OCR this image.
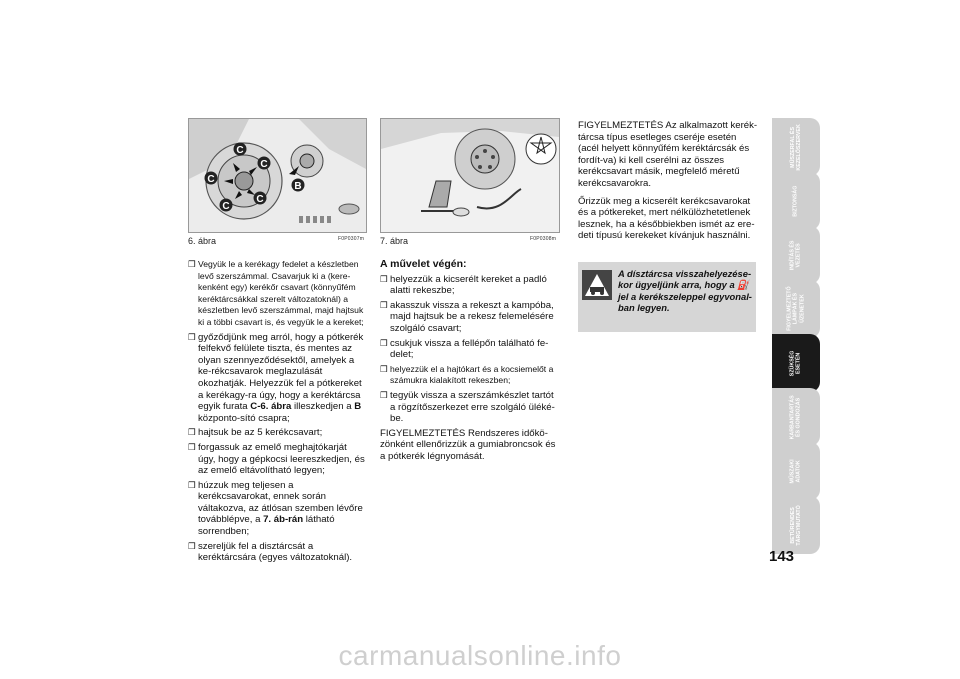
C
C
C
C
C
B
6. ábra	F0P0307m 7. ábra	F0P0308m
❒ Vegyük le a kerékagy fedelet a készletben levő szerszámmal. Csavarjuk ki a (kere-kenként egy) kerékőr csavart (könnyűfém keréktárcsákkal szerelt változatoknál) a készletben levő szerszámmal, majd hajtsuk ki a többi csavart is, és vegyük le a kereket;
❒ győződjünk meg arról, hogy a pótkerék felfekvő felülete tiszta, és mentes az olyan szennyeződésektől, amelyek a ke-rékcsavarok meglazulását okozhatják. Helyezzük fel a pótkereket a kerékagy-ra úgy, hogy a keréktárcsa egyik furata C-6. ábra illeszkedjen a B központo-sító csapra;
❒ hajtsuk be az 5 kerékcsavart;
❒ forgassuk az emelő meghajtókarját úgy, hogy a gépkocsi leereszkedjen, és az emelő eltávolítható legyen;
❒ húzzuk meg teljesen a kerékcsavarokat, ennek során váltakozva, az átlósan szemben lévőre továbblépve, a 7. áb-rán látható sorrendben;
❒ szereljük fel a disztárcsát a keréktárcsára (egyes változatoknál).
A művelet végén:
❒ helyezzük a kicserélt kereket a padló alatti rekeszbe;
❒ akasszuk vissza a rekeszt a kampóba, majd hajtsuk be a rekesz felemelésére szolgáló csavart;
❒ csukjuk vissza a fellépőn található fe-delet;
❒ helyezzük el a hajtókart és a kocsiemelőt a számukra kialakított rekeszben;
❒ tegyük vissza a szerszámkészlet tartót a rögzítőszerkezet erre szolgáló üléké-be.

FIGYELMEZTETÉS Rendszeres időkö-zönként ellenőrizzük a gumiabroncsok és a pótkerék légnyomását.

FIGYELMEZTETÉS Az alkalmazott kerék-tárcsa típus esetleges cseréje esetén (acél helyett könnyűfém keréktárcsák és fordít-va) ki kell cserélni az összes kerékcsavart másik, megfelelő méretű kerékcsavarokra.

Őrizzük meg a kicserélt kerékcsavarokat és a pótkereket, mert nélkülözhetetlenek lesznek, ha a későbbiekben ismét az ere-deti típusú kerekeket kívánjuk használni.

A dísztárcsa visszahelyezése-kor ügyeljünk arra, hogy a ⛽ jel a kerékszeleppel egyvonal-ban legyen.
MŰSZERFAL ÉS
KEZELŐSZERVEK
BIZTONSÁG
INDÍTÁS ÉS
VEZETÉS
FIGYELMEZTETŐ
LÁMPÁK ÉS
ÜZENETEK
SZÜKSÉG
ESETÉN
KARBANTARTÁS
ÉS GONDOZÁS
MŰSZAKI
ADATOK
BETŰRENDES
TÁRGYMUTATÓ
143
carmanualsonline.info
